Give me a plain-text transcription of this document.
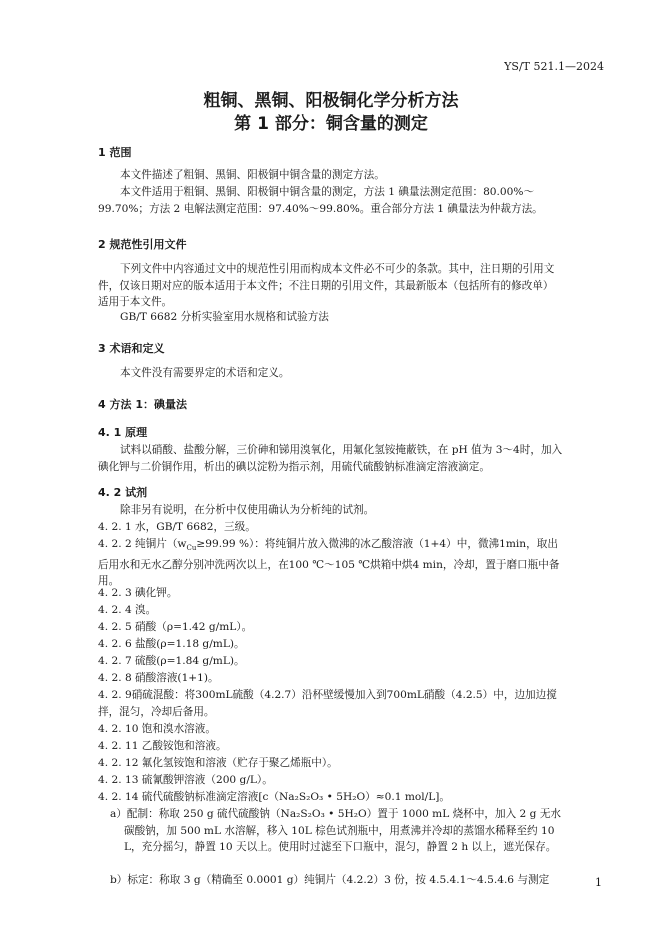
YS/T 521.1—2024
粗铜、黑铜、阳极铜化学分析方法
第 1 部分：铜含量的测定
1 范围
本文件描述了粗铜、黑铜、阳极铜中铜含量的测定方法。
本文件适用于粗铜、黑铜、阳极铜中铜含量的测定，方法 1 碘量法测定范围：80.00%～99.70%；方法 2 电解法测定范围：97.40%～99.80%。重合部分方法 1 碘量法为仲裁方法。
2 规范性引用文件
下列文件中内容通过文中的规范性引用而构成本文件必不可少的条款。其中，注日期的引用文件，仅该日期对应的版本适用于本文件；不注日期的引用文件，其最新版本（包括所有的修改单）适用于本文件。
GB/T 6682 分析实验室用水规格和试验方法
3 术语和定义
本文件没有需要界定的术语和定义。
4 方法 1：碘量法
4. 1 原理
试料以硝酸、盐酸分解，三价砷和锑用溴氧化，用氟化氢铵掩蔽铁，在 pH 值为 3～4时，加入碘化钾与二价铜作用，析出的碘以淀粉为指示剂，用硫代硫酸钠标准滴定溶液滴定。
4. 2 试剂
除非另有说明，在分析中仅使用确认为分析纯的试剂。
4. 2. 1 水，GB/T 6682，三级。
4. 2. 2 纯铜片（$w_{Cu}\ge 99.99$ %）：将纯铜片放入微沸的冰乙酸溶液（1+4）中，微沸1min，取出后用水和无水乙醇分别冲洗两次以上，在100 ℃～105 ℃烘箱中烘4 min，冷却，置于磨口瓶中备用。
4. 2. 3 碘化钾。
4. 2. 4 溴。
4. 2. 5 硝酸（ρ=1.42 g/mL）。
4. 2. 6 盐酸(ρ=1.18 g/mL)。
4. 2. 7 硫酸(ρ=1.84 g/mL)。
4. 2. 8 硝酸溶液(1+1)。
4. 2. 9硝硫混酸：将300mL硫酸（4.2.7）沿杯壁缓慢加入到700mL硝酸（4.2.5）中，边加边搅拌，混匀，冷却后备用。
4. 2. 10 饱和溴水溶液。
4. 2. 11 乙酸铵饱和溶液。
4. 2. 12 氟化氢铵饱和溶液（贮存于聚乙烯瓶中）。
4. 2. 13 硫氰酸钾溶液（200 g/L）。
4. 2. 14 硫代硫酸钠标准滴定溶液[c（Na₂S₂O₃ • 5H₂O）≈0.1 mol/L]。
a）配制：称取 250 g 硫代硫酸钠（Na₂S₂O₃ • 5H₂O）置于 1000 mL 烧杯中，加入 2 g 无水碳酸钠，加 500 mL 水溶解，移入 10L 棕色试剂瓶中，用煮沸并冷却的蒸馏水稀释至约 10 L，充分摇匀，静置 10 天以上。使用时过滤至下口瓶中，混匀，静置 2 h 以上，遮光保存。
b）标定：称取 3 g（精确至 0.0001 g）纯铜片（4.2.2）3 份，按 4.5.4.1～4.5.4.6 与测定	1
